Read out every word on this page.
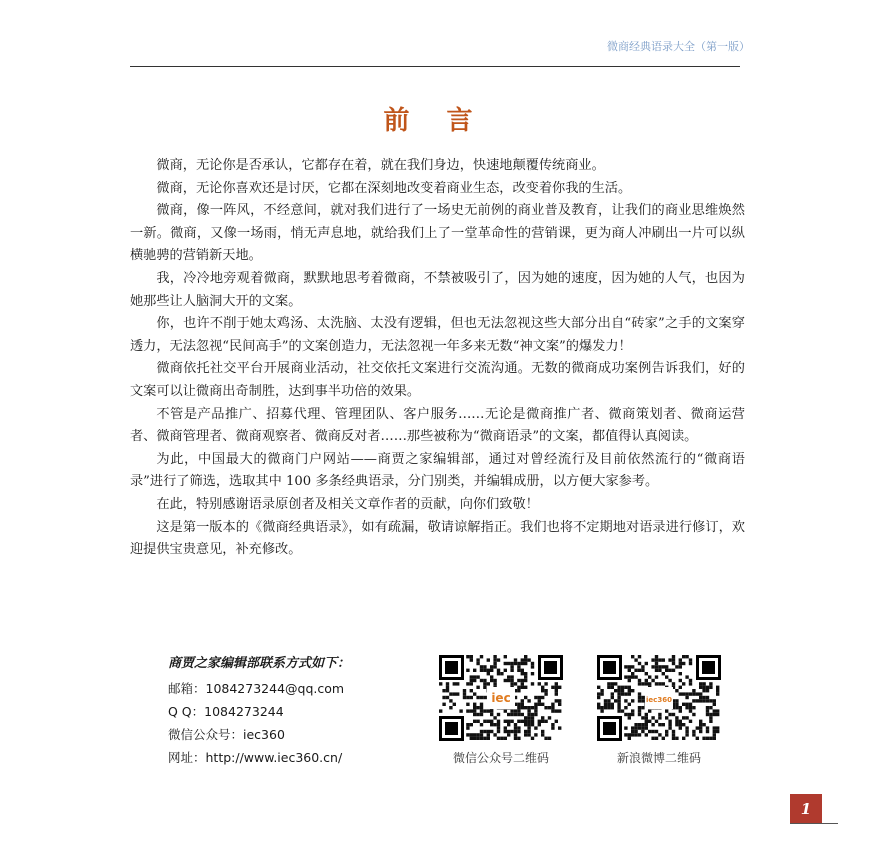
微商经典语录大全（第一版）
前 言

微商，无论你是否承认，它都存在着，就在我们身边，快速地颠覆传统商业。

微商，无论你喜欢还是讨厌，它都在深刻地改变着商业生态，改变着你我的生活。

微商，像一阵风，不经意间，就对我们进行了一场史无前例的商业普及教育，让我们的商业思维焕然一新。微商，又像一场雨，悄无声息地，就给我们上了一堂革命性的营销课，更为商人冲刷出一片可以纵横驰骋的营销新天地。

我，冷冷地旁观着微商，默默地思考着微商，不禁被吸引了，因为她的速度，因为她的人气，也因为她那些让人脑洞大开的文案。

你，也许不削于她太鸡汤、太洗脑、太没有逻辑，但也无法忽视这些大部分出自“砖家”之手的文案穿透力，无法忽视“民间高手”的文案创造力，无法忽视一年多来无数“神文案”的爆发力！

微商依托社交平台开展商业活动，社交依托文案进行交流沟通。无数的微商成功案例告诉我们，好的文案可以让微商出奇制胜，达到事半功倍的效果。

不管是产品推广、招募代理、管理团队、客户服务……无论是微商推广者、微商策划者、微商运营者、微商管理者、微商观察者、微商反对者……那些被称为“微商语录”的文案，都值得认真阅读。

为此，中国最大的微商门户网站——商贾之家编辑部，通过对曾经流行及目前依然流行的“微商语录”进行了筛选，选取其中 100 多条经典语录，分门别类，并编辑成册，以方便大家参考。

在此，特别感谢语录原创者及相关文章作者的贡献，向你们致敬！

这是第一版本的《微商经典语录》，如有疏漏，敬请谅解指正。我们也将不定期地对语录进行修订，欢迎提供宝贵意见，补充修改。

商贾之家编辑部联系方式如下：
邮箱：1084273244@qq.com
Q Q：1084273244
微信公众号：iec360
网址：http://www.iec360.cn/
iec
微信公众号二维码
iec360
新浪微博二维码
1
